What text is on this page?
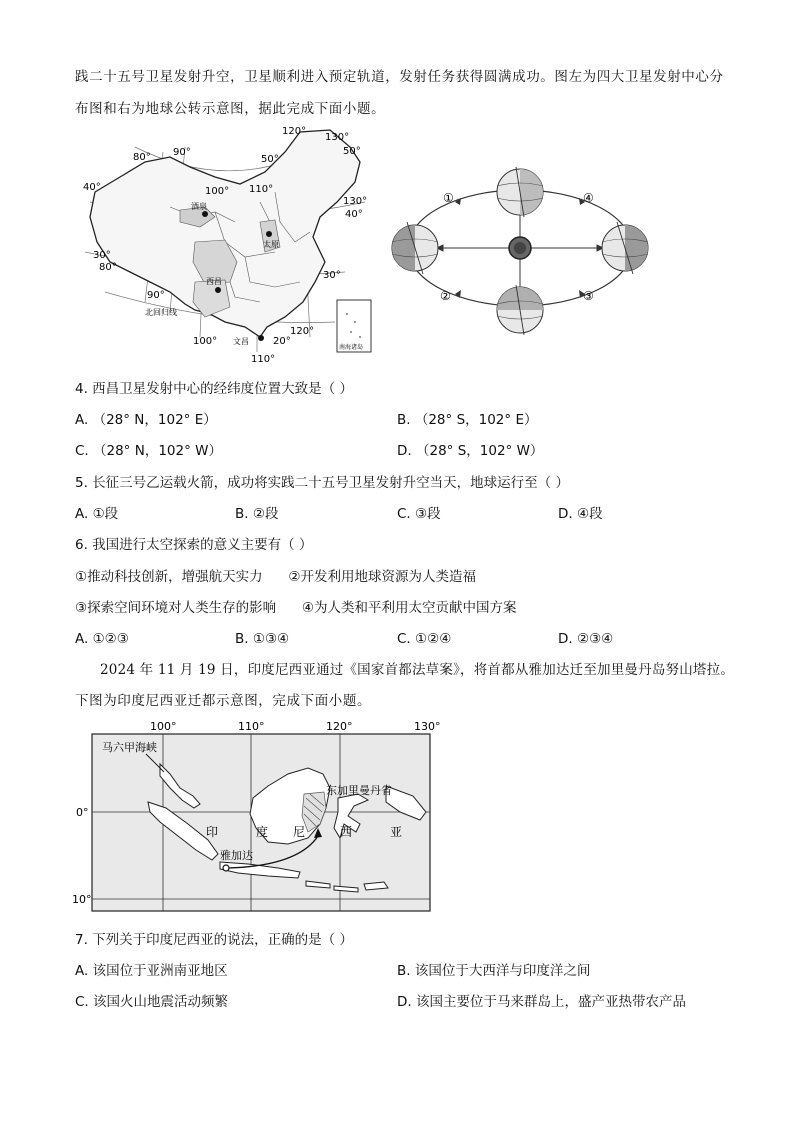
践二十五号卫星发射升空，卫星顺利进入预定轨道，发射任务获得圆满成功。图左为四大卫星发射中心分
布图和右为地球公转示意图，据此完成下面小题。
80° 90°
100° 110°
120°
130°
50°
50°
130°
40°
40°
30°
80°
90°
30°
120°
100°	20°
110°
酒泉
太原
西昌
文昌
北回归线
南海诸岛
①	④
②	③
4. 西昌卫星发射中心的经纬度位置大致是（ ）
A. （28° N，102° E）	B. （28° S，102° E）
C. （28° N，102° W）	D. （28° S，102° W）
5. 长征三号乙运载火箭，成功将实践二十五号卫星发射升空当天，地球运行至（ ）
A. ①段	B. ②段	C. ③段	D. ④段
6. 我国进行太空探索的意义主要有（ ）
①推动科技创新，增强航天实力      ②开发利用地球资源为人类造福
③探索空间环境对人类生存的影响      ④为人类和平利用太空贡献中国方案
A. ①②③	B. ①③④	C. ①②④	D. ②③④
2024 年 11 月 19 日，印度尼西亚通过《国家首都法草案》，将首都从雅加达迁至加里曼丹岛努山塔拉。
下图为印度尼西亚迁都示意图，完成下面小题。
100°	110°	120°	130°
0°
10°
马六甲海峡
东加里曼丹省
印	度 尼	西	亚
雅加达
7. 下列关于印度尼西亚的说法，正确的是（ ）
A. 该国位于亚洲南亚地区	B. 该国位于大西洋与印度洋之间
C. 该国火山地震活动频繁	D. 该国主要位于马来群岛上，盛产亚热带农产品
